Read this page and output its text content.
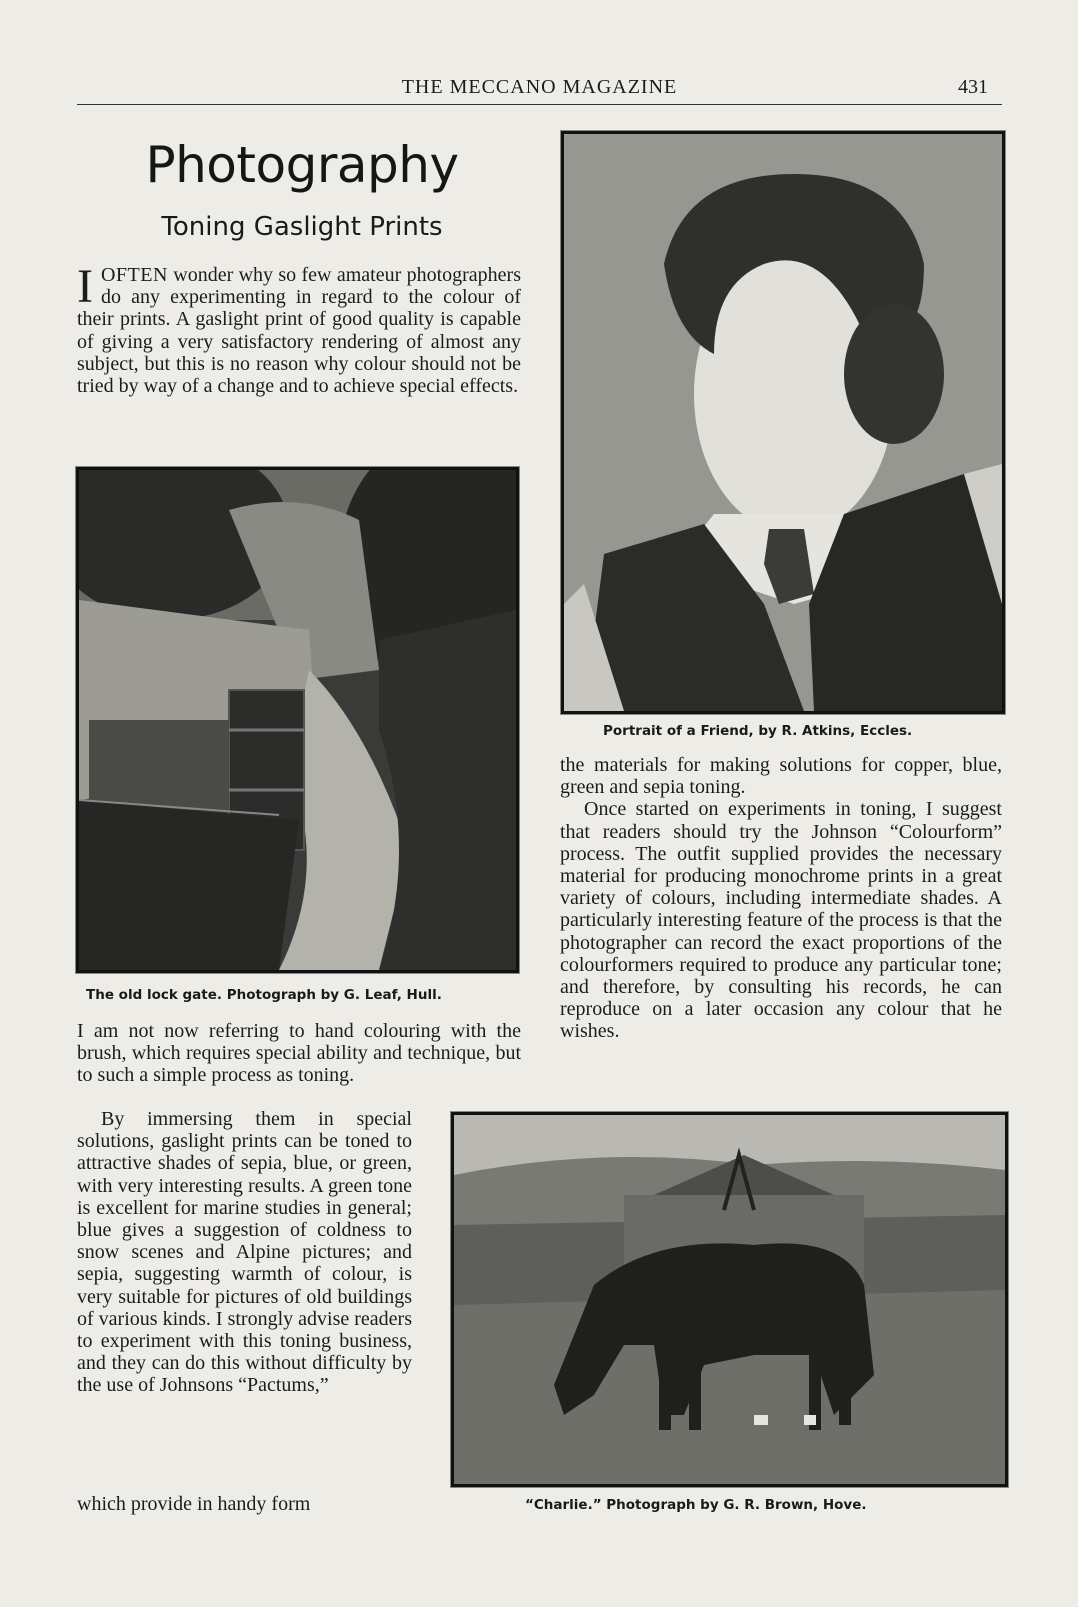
THE MECCANO MAGAZINE	431
Photography
Toning Gaslight Prints

IOFTEN wonder why so few amateur photographers do any experimenting in regard to the colour of their prints. A gaslight print of good quality is capable of giving a very satisfactory rendering of almost any subject, but this is no reason why colour should not be tried by way of a change and to achieve special effects.

The old lock gate. Photograph by G. Leaf, Hull.

I am not now referring to hand colouring with the brush, which requires special ability and technique, but to such a simple process as toning.

By immersing them in special solutions, gaslight prints can be toned to attractive shades of sepia, blue, or green, with very interesting results. A green tone is excellent for marine studies in general; blue gives a suggestion of coldness to snow scenes and Alpine pictures; and sepia, suggesting warmth of colour, is very suitable for pictures of old buildings of various kinds. I strongly advise readers to experiment with this toning business, and they can do this without difficulty by the use of Johnsons “Pactums,”

which provide in handy form
Portrait of a Friend, by R. Atkins, Eccles.

the materials for making solutions for copper, blue, green and sepia toning.

Once started on experiments in toning, I suggest that readers should try the Johnson “Colourform” process. The outfit supplied provides the necessary material for producing monochrome prints in a great variety of colours, including intermediate shades. A particularly interesting feature of the process is that the photographer can record the exact proportions of the colourformers required to produce any particular tone; and therefore, by consulting his records, he can reproduce on a later occasion any colour that he wishes.

“Charlie.” Photograph by G. R. Brown, Hove.
